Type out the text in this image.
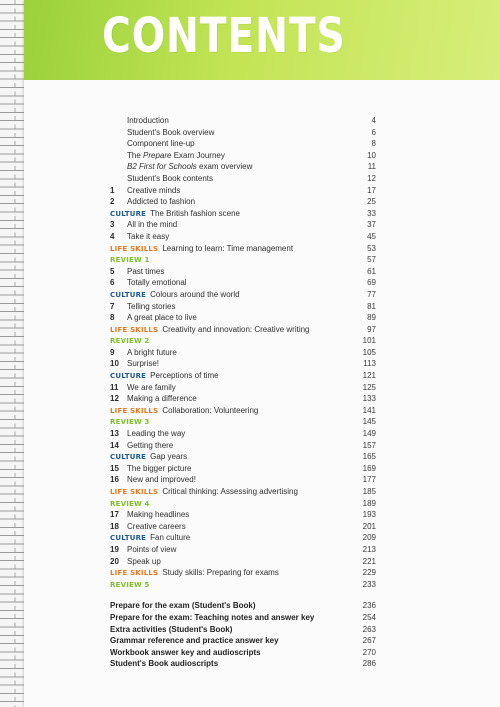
CONTENTS
Introduction	4
Student's Book overview	6
Component line-up	8
The Prepare Exam Journey	10
B2 First for Schools exam overview	11
Student's Book contents	12
1	Creative minds	17
2	Addicted to fashion	25
CULTURE The British fashion scene	33
3	All in the mind	37
4	Take it easy	45
LIFE SKILLS Learning to learn: Time management	53
REVIEW 1	57
5	Past times	61
6	Totally emotional	69
CULTURE Colours around the world	77
7	Telling stories	81
8	A great place to live	89
LIFE SKILLS Creativity and innovation: Creative writing	97
REVIEW 2	101
9	A bright future	105
10	Surprise!	113
CULTURE Perceptions of time	121
11	We are family	125
12	Making a difference	133
LIFE SKILLS Collaboration: Volunteering	141
REVIEW 3	145
13	Leading the way	149
14	Getting there	157
CULTURE Gap years	165
15	The bigger picture	169
16	New and improved!	177
LIFE SKILLS Critical thinking: Assessing advertising	185
REVIEW 4	189
17	Making headlines	193
18	Creative careers	201
CULTURE Fan culture	209
19	Points of view	213
20	Speak up	221
LIFE SKILLS Study skills: Preparing for exams	229
REVIEW 5	233
Prepare for the exam (Student's Book)	236
Prepare for the exam: Teaching notes and answer key	254
Extra activities (Student's Book)	263
Grammar reference and practice answer key	267
Workbook answer key and audioscripts	270
Student's Book audioscripts	286
